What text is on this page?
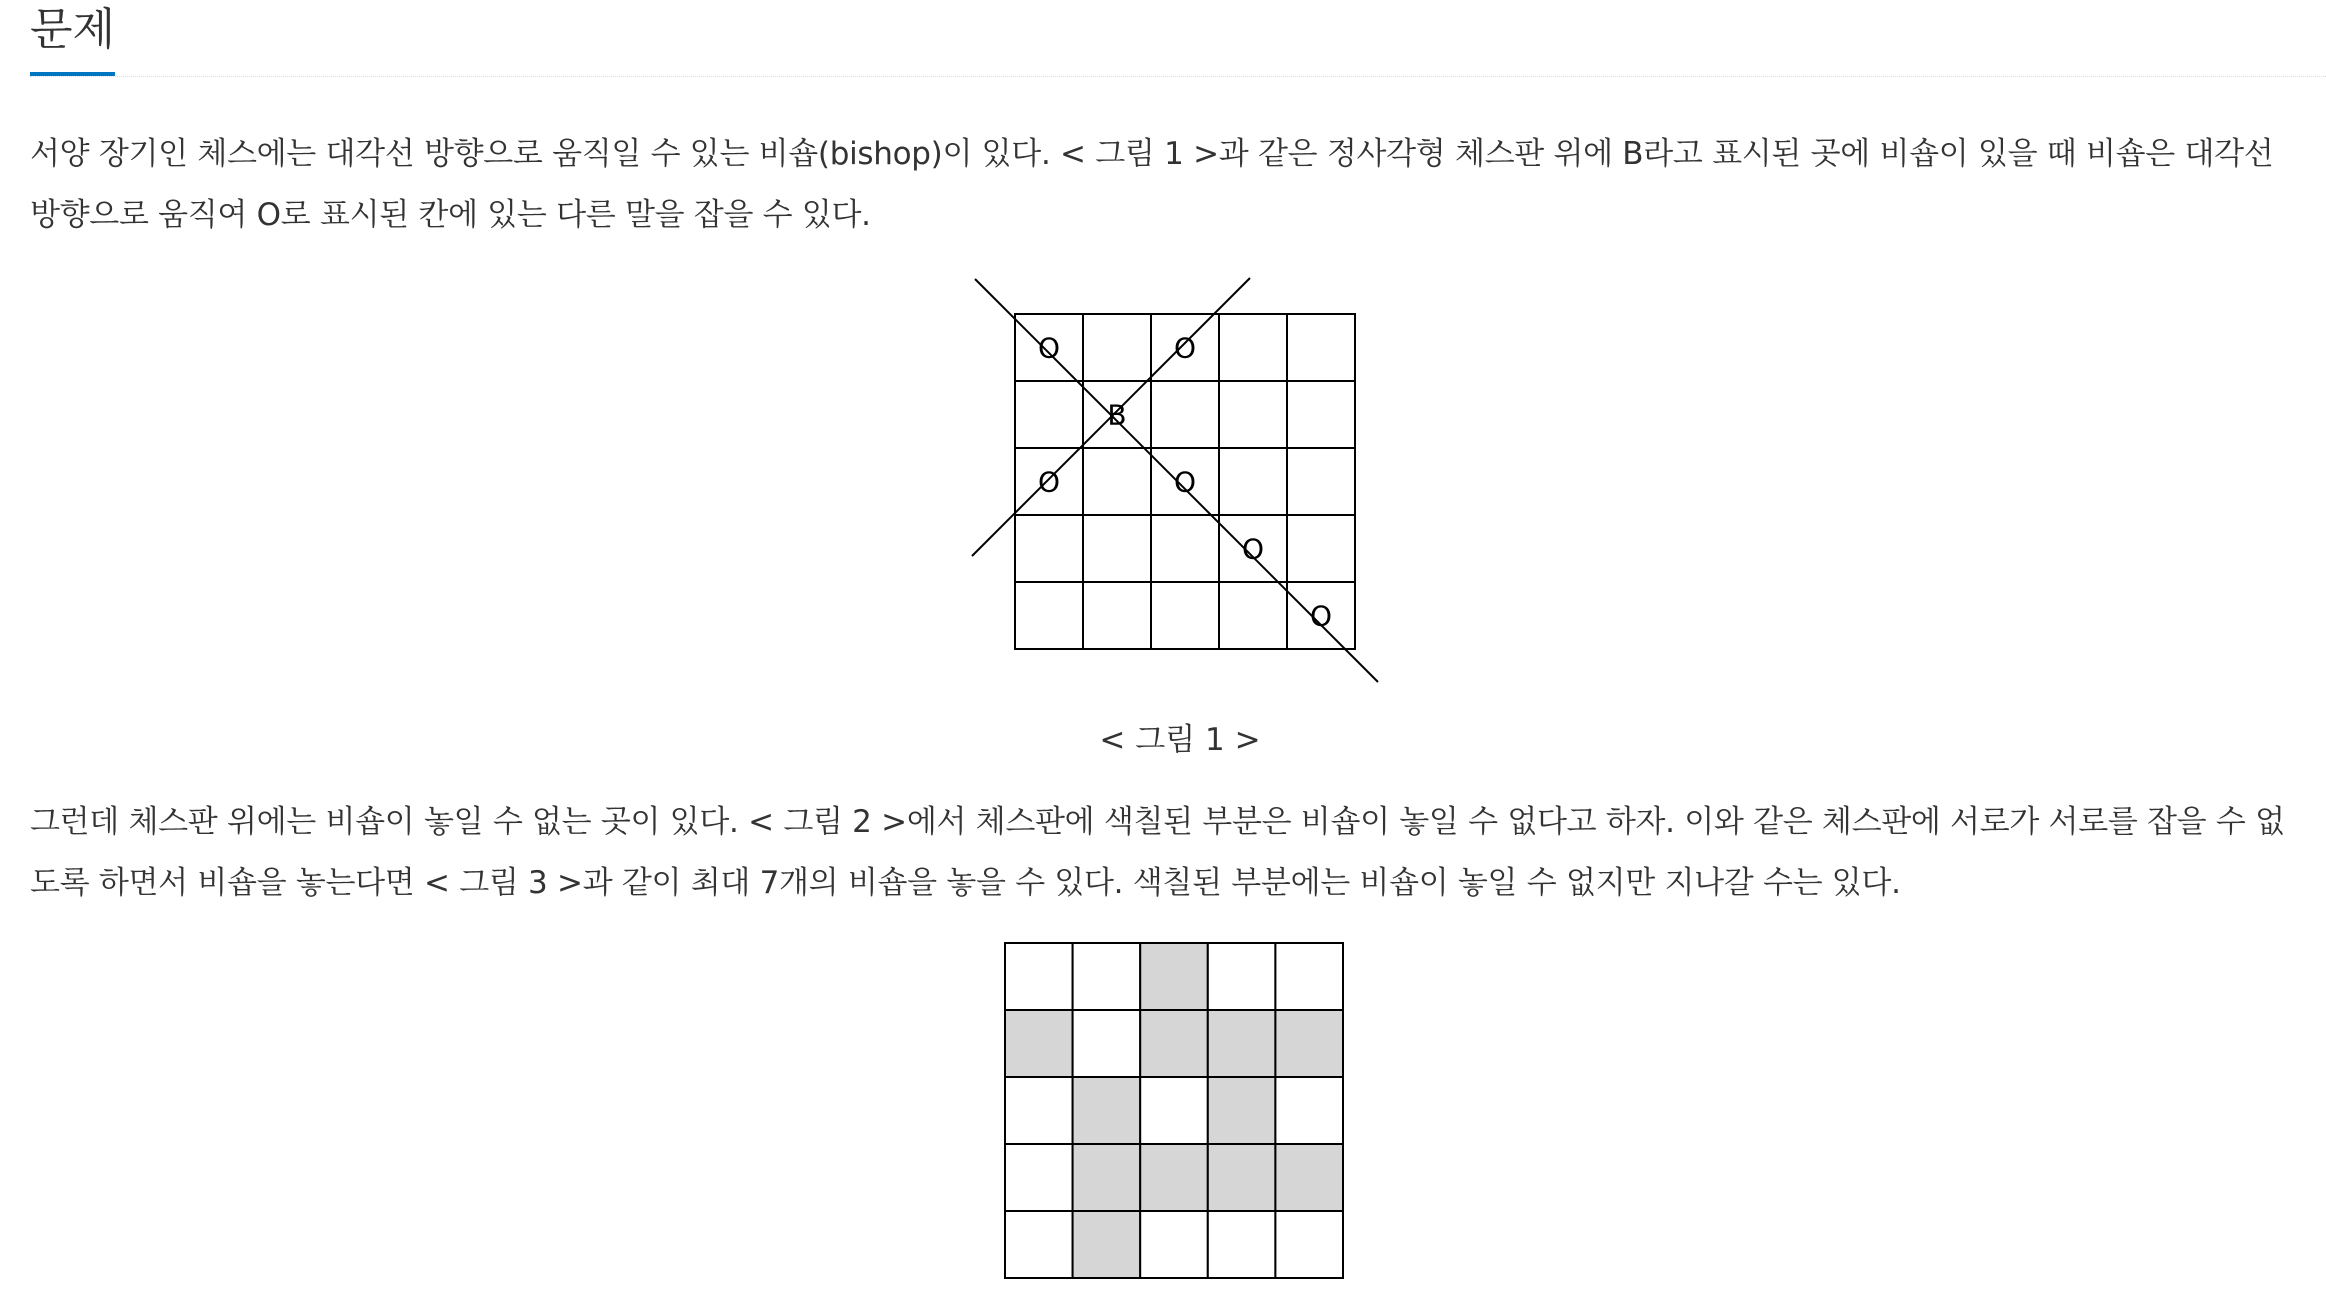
문제

서양 장기인 체스에는 대각선 방향으로 움직일 수 있는 비숍(bishop)이 있다. < 그림 1 >과 같은 정사각형 체스판 위에 B라고 표시된 곳에 비숍이 있을 때 비숍은 대각선 방향으로 움직여 O로 표시된 칸에 있는 다른 말을 잡을 수 있다.

B
O	O
O	O
O
O

< 그림 1 >

그런데 체스판 위에는 비숍이 놓일 수 없는 곳이 있다. < 그림 2 >에서 체스판에 색칠된 부분은 비숍이 놓일 수 없다고 하자. 이와 같은 체스판에 서로가 서로를 잡을 수 없도록 하면서 비숍을 놓는다면 < 그림 3 >과 같이 최대 7개의 비숍을 놓을 수 있다. 색칠된 부분에는 비숍이 놓일 수 없지만 지나갈 수는 있다.
